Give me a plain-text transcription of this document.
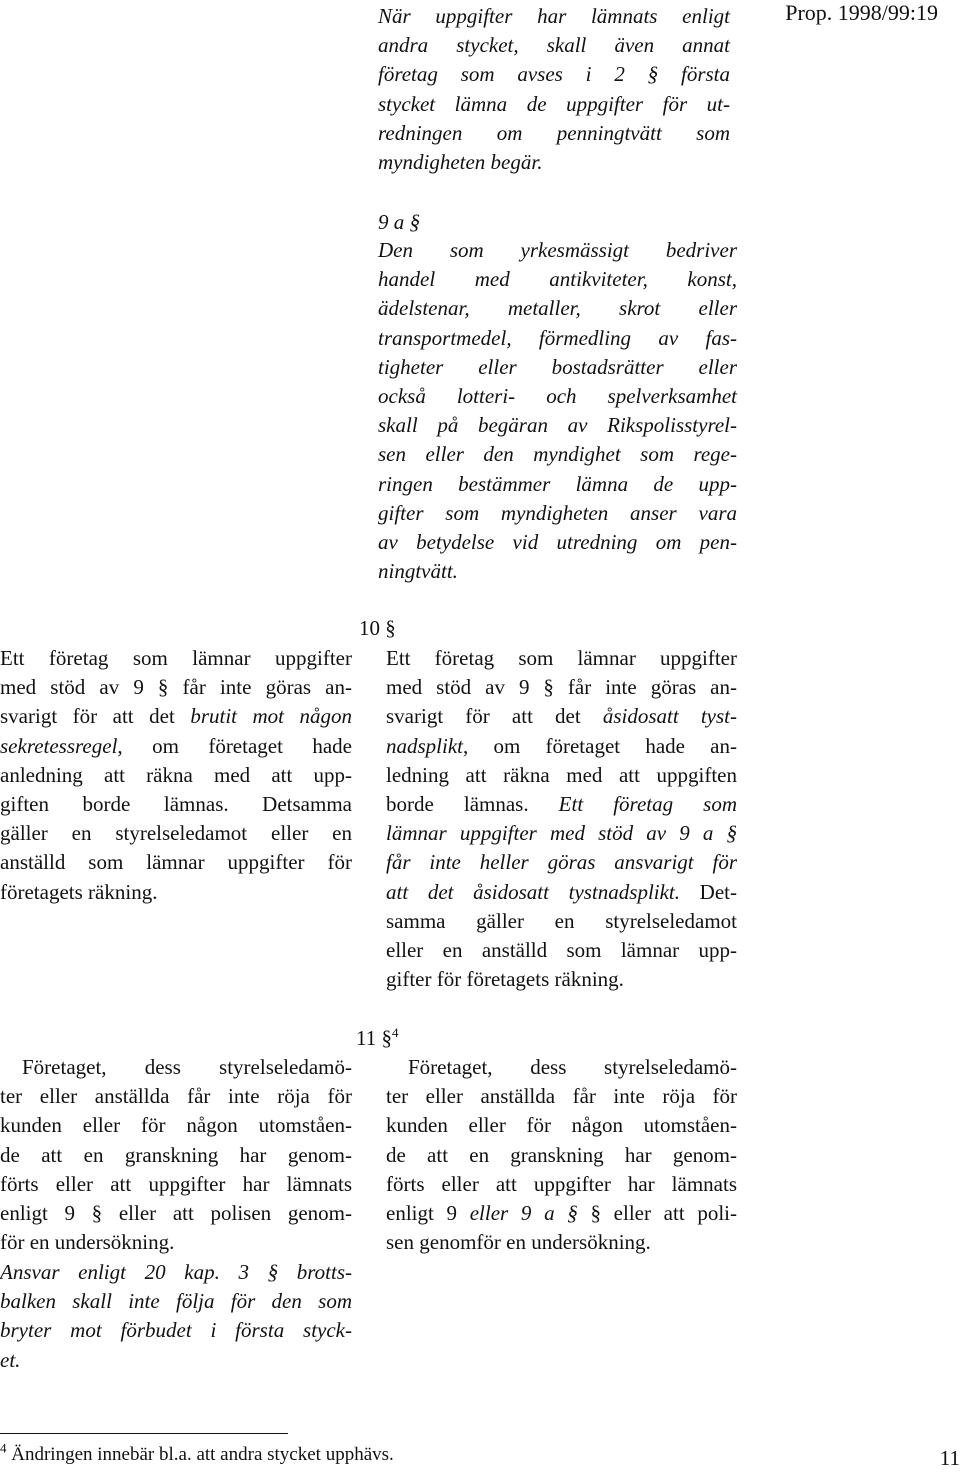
Prop. 1998/99:19
När uppgifter har lämnats enligt
andra stycket, skall även annat
företag som avses i 2 § första
stycket lämna de uppgifter för ut-
redningen om penningtvätt som
myndigheten begär.
9 a §
Den som yrkesmässigt bedriver
handel med antikviteter, konst,
ädelstenar, metaller, skrot eller
transportmedel, förmedling av fas-
tigheter eller bostadsrätter eller
också lotteri- och spelverksamhet
skall på begäran av Rikspolisstyrel-
sen eller den myndighet som rege-
ringen bestämmer lämna de upp-
gifter som myndigheten anser vara
av betydelse vid utredning om pen-
ningtvätt.
10 §
Ett företag som lämnar uppgifter
med stöd av 9 § får inte göras an-
svarigt för att det brutit mot någon
sekretessregel, om företaget hade
anledning att räkna med att upp-
giften borde lämnas. Detsamma
gäller en styrelseledamot eller en
anställd som lämnar uppgifter för
företagets räkning.
Ett företag som lämnar uppgifter
med stöd av 9 § får inte göras an-
svarigt för att det åsidosatt tyst-
nadsplikt, om företaget hade an-
ledning att räkna med att uppgiften
borde lämnas. Ett företag som
lämnar uppgifter med stöd av 9 a §
får inte heller göras ansvarigt för
att det åsidosatt tystnadsplikt. Det-
samma gäller en styrelseledamot
eller en anställd som lämnar upp-
gifter för företagets räkning.
11 §$^4$
Företaget, dess styrelseledamö-
ter eller anställda får inte röja för
kunden eller för någon utomståen-
de att en granskning har genom-
förts eller att uppgifter har lämnats
enligt 9 § eller att polisen genom-
för en undersökning.
Ansvar enligt 20 kap. 3 § brotts-
balken skall inte följa för den som
bryter mot förbudet i första styck-
et.
Företaget, dess styrelseledamö-
ter eller anställda får inte röja för
kunden eller för någon utomståen-
de att en granskning har genom-
förts eller att uppgifter har lämnats
enligt 9 eller 9 a § § eller att poli-
sen genomför en undersökning.
$^4$ Ändringen innebär bl.a. att andra stycket upphävs.	11
